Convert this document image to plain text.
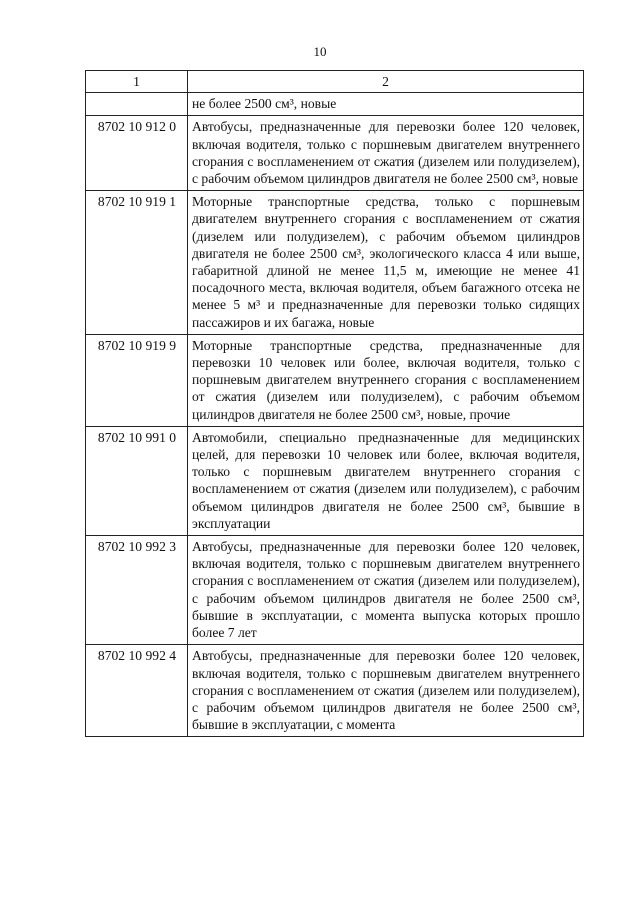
10
1	2
	не более 2500 см³, новые
8702 10 912 0	Автобусы, предназначенные для перевозки более 120 человек, включая водителя, только с поршневым двигателем внутреннего сгорания с воспламенением от сжатия (дизелем или полудизелем), с рабочим объемом цилиндров двигателя не более 2500 см³, новые
8702 10 919 1	Моторные транспортные средства, только с поршневым двигателем внутреннего сгорания с воспламенением от сжатия (дизелем или полудизелем), с рабочим объемом цилиндров двигателя не более 2500 см³, экологического класса 4 или выше, габаритной длиной не менее 11,5 м, имеющие не менее 41 посадочного места, включая водителя, объем багажного отсека не менее 5 м³ и предназначенные для перевозки только сидящих пассажиров и их багажа, новые
8702 10 919 9	Моторные транспортные средства, предназначенные для перевозки 10 человек или более, включая водителя, только с поршневым двигателем внутреннего сгорания с воспламенением от сжатия (дизелем или полудизелем), с рабочим объемом цилиндров двигателя не более 2500 см³, новые, прочие
8702 10 991 0	Автомобили, специально предназначенные для медицинских целей, для перевозки 10 человек или более, включая водителя, только с поршневым двигателем внутреннего сгорания с воспламенением от сжатия (дизелем или полудизелем), с рабочим объемом цилиндров двигателя не более 2500 см³, бывшие в эксплуатации
8702 10 992 3	Автобусы, предназначенные для перевозки более 120 человек, включая водителя, только с поршневым двигателем внутреннего сгорания с воспламенением от сжатия (дизелем или полудизелем), с рабочим объемом цилиндров двигателя не более 2500 см³, бывшие в эксплуатации, с момента выпуска которых прошло более 7 лет
8702 10 992 4	Автобусы, предназначенные для перевозки более 120 человек, включая водителя, только с поршневым двигателем внутреннего сгорания с воспламенением от сжатия (дизелем или полудизелем), с рабочим объемом цилиндров двигателя не более 2500 см³, бывшие в эксплуатации, с момента
